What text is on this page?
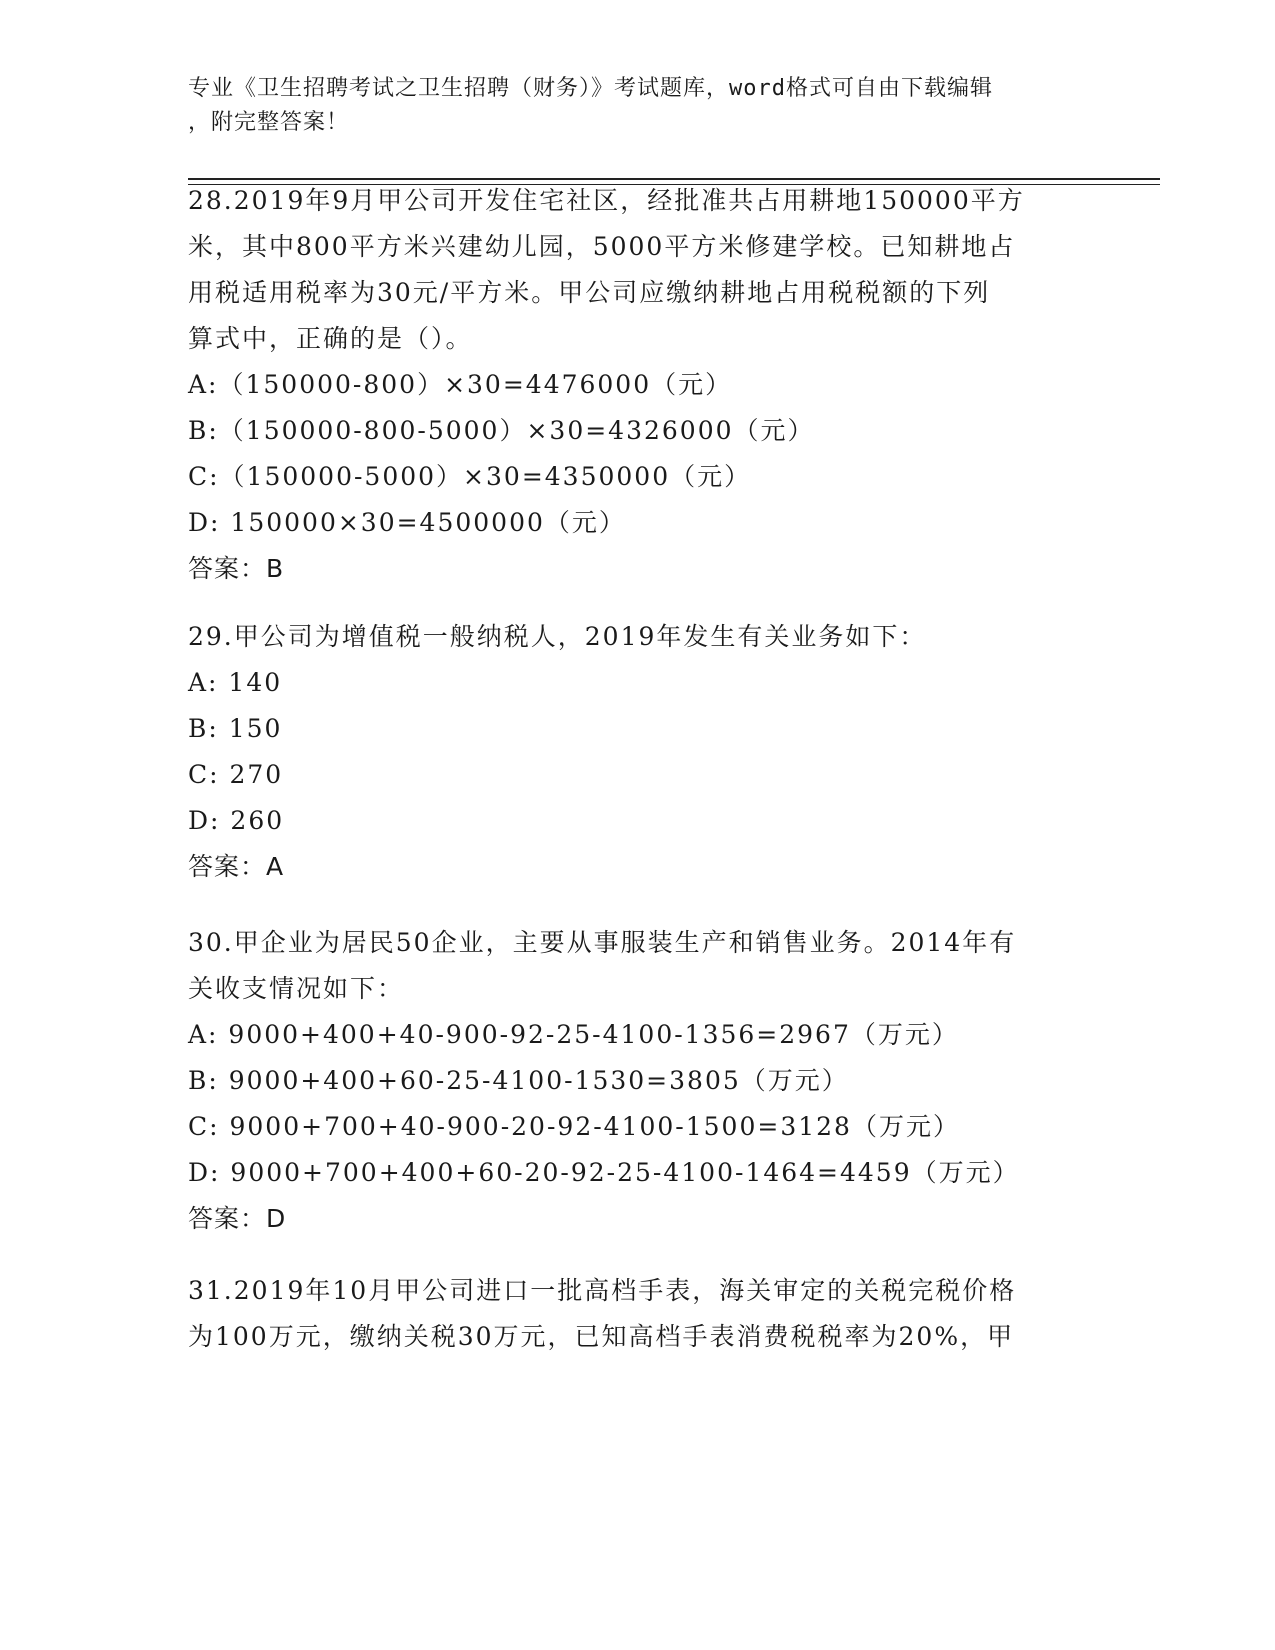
专业《卫生招聘考试之卫生招聘（财务）》考试题库，word格式可自由下载编辑
，附完整答案！
28.2019年9月甲公司开发住宅社区，经批准共占用耕地150000平方
米，其中800平方米兴建幼儿园，5000平方米修建学校。已知耕地占
用税适用税率为30元/平方米。甲公司应缴纳耕地占用税税额的下列
算式中，正确的是（）。
A:（150000-800）×30=4476000（元）
B:（150000-800-5000）×30=4326000（元）
C:（150000-5000）×30=4350000（元）
D: 150000×30=4500000（元）
答案：B
29.甲公司为增值税一般纳税人，2019年发生有关业务如下：
A: 140
B: 150
C: 270
D: 260
答案：A
30.甲企业为居民50企业，主要从事服装生产和销售业务。2014年有
关收支情况如下：
A: 9000+400+40-900-92-25-4100-1356=2967（万元）
B: 9000+400+60-25-4100-1530=3805（万元）
C: 9000+700+40-900-20-92-4100-1500=3128（万元）
D: 9000+700+400+60-20-92-25-4100-1464=4459（万元）
答案：D
31.2019年10月甲公司进口一批高档手表，海关审定的关税完税价格
为100万元，缴纳关税30万元，已知高档手表消费税税率为20%，甲
